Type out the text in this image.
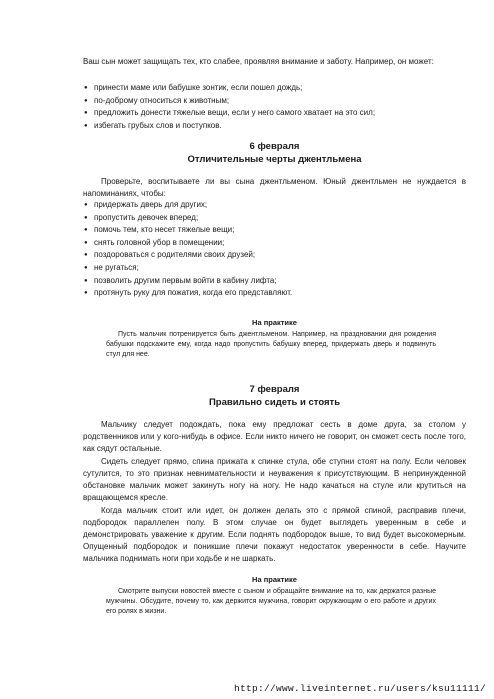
Ваш сын может защищать тех, кто слабее, проявляя внимание и заботу. Например, он может:
● принести маме или бабушке зонтик, если пошел дождь;
● по-доброму относиться к животным;
● предложить донести тяжелые вещи, если у него самого хватает на это сил;
● избегать грубых слов и поступков.
6 февраля
Отличительные черты джентльмена
Проверьте, воспитываете ли вы сына джентльменом. Юный джентльмен не нуждается в напоминаниях, чтобы:
● придержать дверь для других;
● пропустить девочек вперед;
● помочь тем, кто несет тяжелые вещи;
● снять головной убор в помещении;
● поздороваться с родителями своих друзей;
● не ругаться;
● позволить другим первым войти в кабину лифта;
● протянуть руку для пожатия, когда его представляют.
На практике
Пусть мальчик потренируется быть джентльменом. Например, на праздновании дня рождения бабушки подскажите ему, когда надо пропустить бабушку вперед, придержать дверь и подвинуть стул для нее.
7 февраля
Правильно сидеть и стоять
Мальчику следует подождать, пока ему предложат сесть в доме друга, за столом у родственников или у кого-нибудь в офисе. Если никто ничего не говорит, он сможет сесть после того, как сядут остальные.
Сидеть следует прямо, спина прижата к спинке стула, обе ступни стоят на полу. Если человек сутулится, то это признак невнимательности и неуважения к присутствующим. В непринужденной обстановке мальчик может закинуть ногу на ногу. Не надо качаться на стуле или крутиться на вращающемся кресле.
Когда мальчик стоит или идет, он должен делать это с прямой спиной, расправив плечи, подбородок параллелен полу. В этом случае он будет выглядеть уверенным в себе и демонстрировать уважение к другим. Если поднять подбородок выше, то вид будет высокомерным. Опущенный подбородок и поникшие плечи покажут недостаток уверенности в себе. Научите мальчика поднимать ноги при ходьбе и не шаркать.
На практике
Смотрите выпуски новостей вместе с сыном и обращайте внимание на то, как держатся разные мужчины. Обсудите, почему то, как держится мужчина, говорит окружающим о его работе и других его ролях в жизни.
http://www.liveinternet.ru/users/ksu11111/
